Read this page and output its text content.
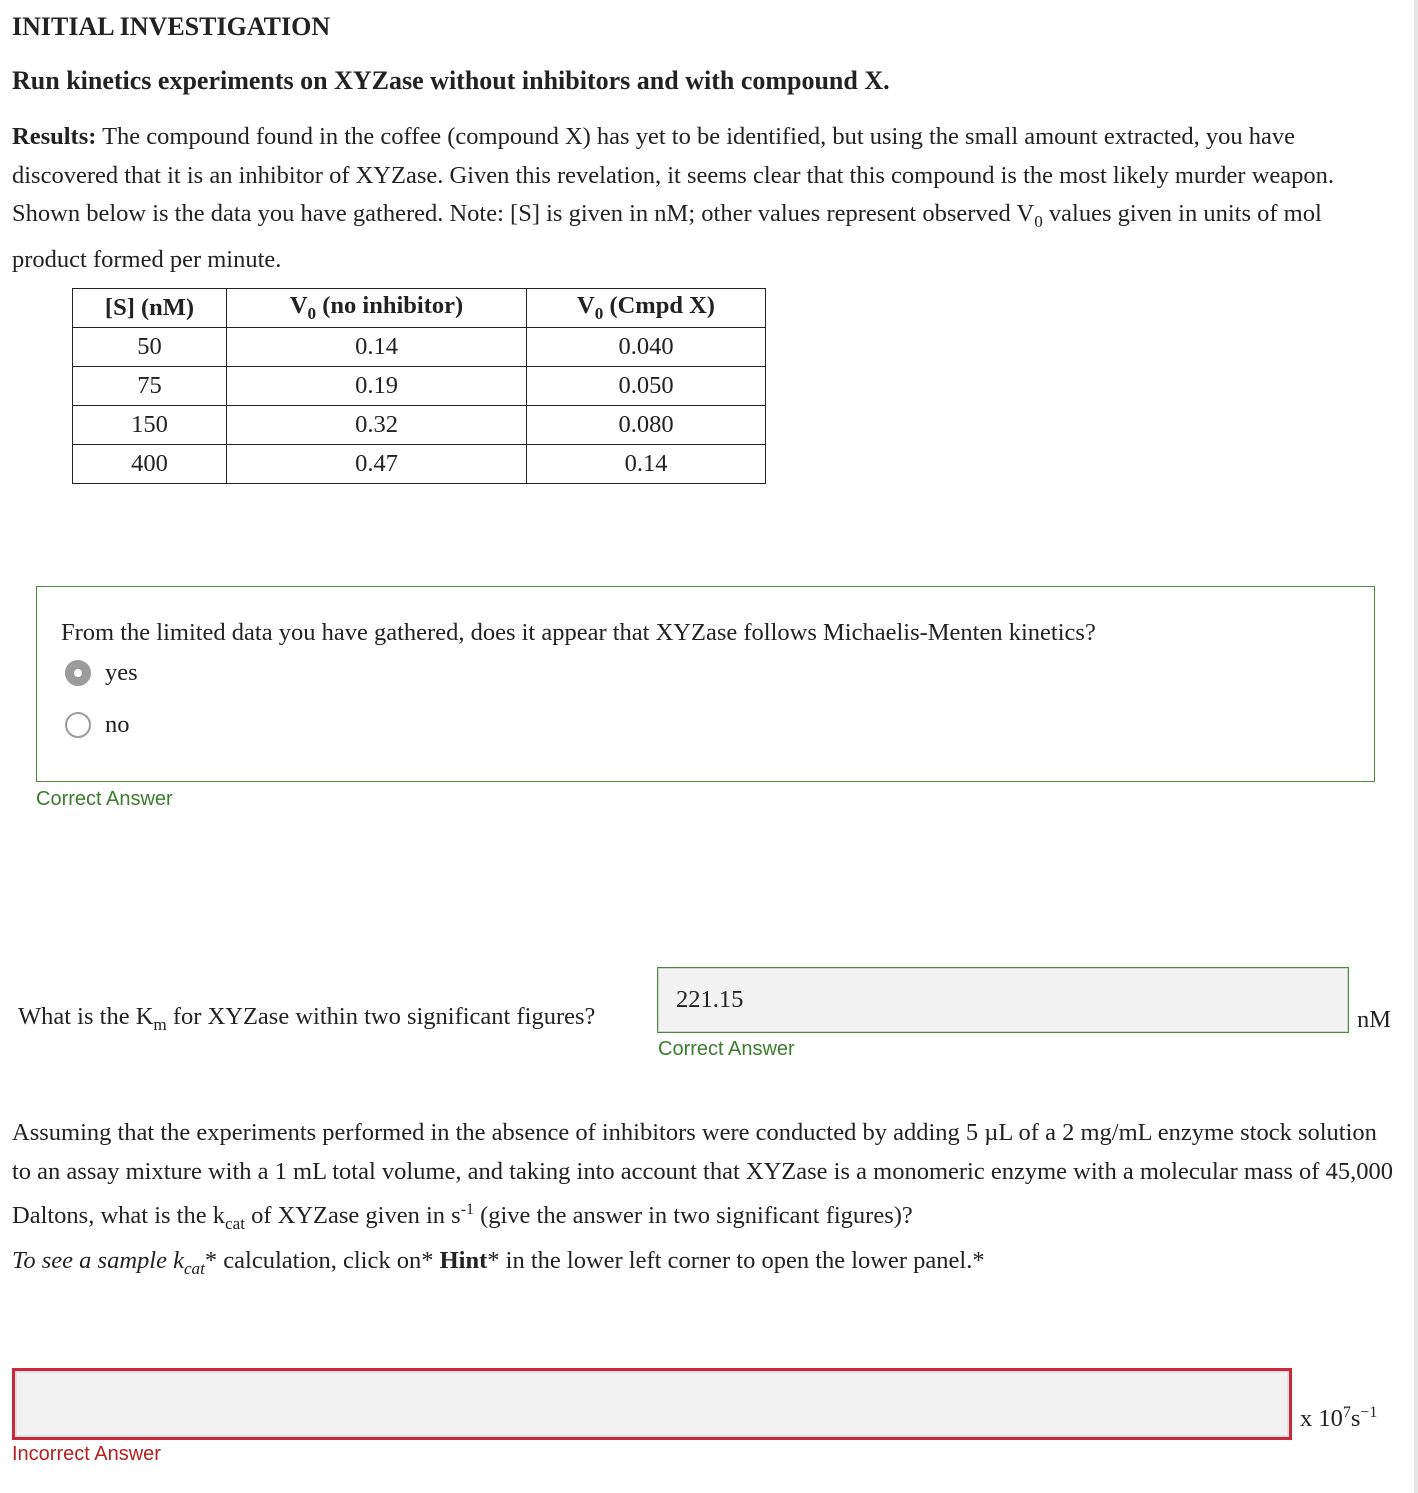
INITIAL INVESTIGATION
Run kinetics experiments on XYZase without inhibitors and with compound X.

Results: The compound found in the coffee (compound X) has yet to be identified, but using the small amount extracted, you have discovered that it is an inhibitor of XYZase. Given this revelation, it seems clear that this compound is the most likely murder weapon. Shown below is the data you have gathered. Note: [S] is given in nM; other values represent observed $V_0$ values given in units of mol product formed per minute.

[S] (nM)	$V_0$ (no inhibitor)	$V_0$ (Cmpd X)
50	0.14	0.040
75	0.19	0.050
150	0.32	0.080
400	0.47	0.14
From the limited data you have gathered, does it appear that XYZase follows Michaelis-Menten kinetics?
yes
no
Correct Answer
What is the $K_m$ for XYZase within two significant figures?
221.15	nM
Correct Answer

Assuming that the experiments performed in the absence of inhibitors were conducted by adding 5 µL of a 2 mg/mL enzyme stock solution to an assay mixture with a 1 mL total volume, and taking into account that XYZase is a monomeric enzyme with a molecular mass of 45,000 Daltons, what is the $k_{cat}$ of XYZase given in $s^{-1}$ (give the answer in two significant figures)?

To see a sample $k_{cat}*$ calculation, click on* Hint* in the lower left corner to open the lower panel.*

x $10^7s^{-1}$
Incorrect Answer
